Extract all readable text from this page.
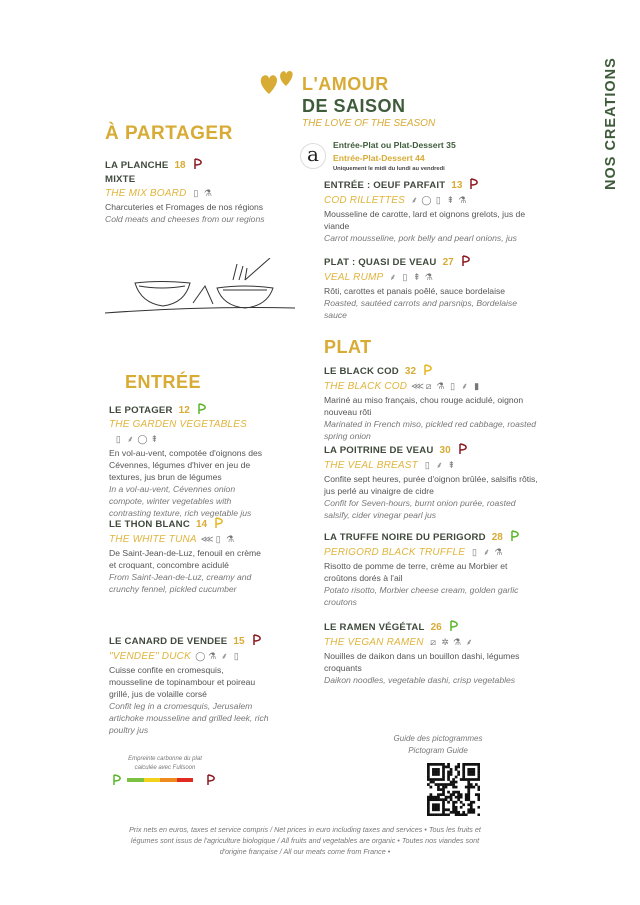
L'AMOUR
DE SAISON
THE LOVE OF THE SEASON	NOS CREATIONS
a	Entrée-Plat ou Plat-Dessert 35
Entrée-Plat-Dessert 44
Uniquement le midi du lundi au vendredi
À PARTAGER
ENTRÉE
PLAT
LA PLANCHE 18
MIXTE
THE MIX BOARD ▯ ⚗
Charcuteries et Fromages de nos régions
Cold meats and cheeses from our regions
ENTRÉE : OEUF PARFAIT 13
COD RILLETTES ⸙ ◯ ▯ ⇞ ⚗
Mousseline de carotte, lard et oignons grelots, jus de viande
Carrot mousseline, pork belly and pearl onions, jus
PLAT : QUASI DE VEAU 27
VEAL RUMP ⸙ ▯ ⇞ ⚗
Rôti, carottes et panais poêlé, sauce bordelaise
Roasted, sautéed carrots and parsnips, Bordelaise sauce
LE BLACK COD 32
THE BLACK COD ⋘ ⧄ ⚗ ▯ ⸙ ▮
Mariné au miso français, chou rouge acidulé, oignon nouveau rôti
Marinated in French miso, pickled red cabbage, roasted spring onion
LA POITRINE DE VEAU 30
THE VEAL BREAST ▯ ⸙ ⇞
Confite sept heures, purée d'oignon brûlée, salsifis rôtis, jus perlé au vinaigre de cidre
Confit for Seven-hours, burnt onion purée, roasted salsify, cider vinegar pearl jus
LA TRUFFE NOIRE DU PERIGORD 28
PERIGORD BLACK TRUFFLE ▯ ⸙ ⚗
Risotto de pomme de terre, crème au Morbier et croûtons dorés à l'ail
Potato risotto, Morbier cheese cream, golden garlic croutons
LE RAMEN VÉGÉTAL 26
THE VEGAN RAMEN ⧄ ✲ ⚗ ⸙
Nouilles de daikon dans un bouillon dashi, légumes croquants
Daikon noodles, vegetable dashi, crisp vegetables
LE POTAGER 12
THE GARDEN VEGETABLES▯ ⸙ ◯ ⇞
En vol-au-vent, compotée d'oignons des Cévennes, légumes d'hiver en jeu de textures, jus brun de légumes
In a vol-au-vent, Cévennes onion compote, winter vegetables with contrasting texture, rich vegetable jus
LE THON BLANC 14
THE WHITE TUNA ⋘ ▯ ⚗
De Saint-Jean-de-Luz, fenouil en crème et croquant, concombre acidulé
From Saint-Jean-de-Luz, creamy and crunchy fennel, pickled cucumber
LE CANARD DE VENDEE 15
"VENDEE" DUCK ◯ ⚗ ⸙ ▯
Cuisse confite en cromesquis, mousseline de topinambour et poireau grillé, jus de volaille corsé
Confit leg in a cromesquis, Jerusalem artichoke mousseline and grilled leek, rich poultry jus
Empreinte carbonne du plat
calculée avec Fullsoon
Guide des pictogrammes
Pictogram Guide
Prix nets en euros, taxes et service compris / Net prices in euro including taxes and services • Tous les fruits et
légumes sont issus de l'agriculture biologique / All fruits and vegetables are organic • Toutes nos viandes sont
d'origine française / All our meats come from France •
